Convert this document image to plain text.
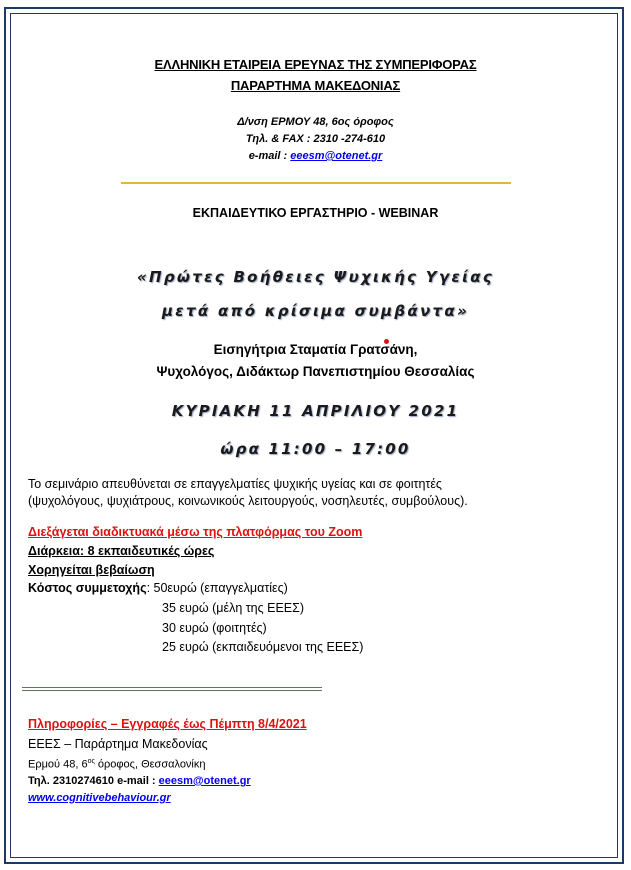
ΕΛΛΗΝΙΚΗ ΕΤΑΙΡΕΙΑ ΕΡΕΥΝΑΣ ΤΗΣ ΣΥΜΠΕΡΙΦΟΡΑΣ
ΠΑΡΑΡΤΗΜΑ ΜΑΚΕΔΟΝΙΑΣ
Δ/νση ΕΡΜΟΥ 48, 6ος όροφος
Τηλ. & FAX : 2310 -274-610
e-mail : eeesm@otenet.gr
ΕΚΠΑΙΔΕΥΤΙΚΟ ΕΡΓΑΣΤΗΡΙΟ - WEBINAR
«Πρώτες Βοήθειες Ψυχικής Υγείας
μετά από κρίσιμα συμβάντα»
Εισηγήτρια Σταματία Γρατσάνη,
Ψυχολόγος, Διδάκτωρ Πανεπιστημίου Θεσσαλίας
ΚΥΡΙΑΚΗ 11 ΑΠΡΙΛΙΟΥ 2021
ώρα 11:00 – 17:00
Το σεμινάριο απευθύνεται σε επαγγελματίες ψυχικής υγείας και σε φοιτητές
(ψυχολόγους, ψυχιάτρους, κοινωνικούς λειτουργούς, νοσηλευτές, συμβούλους).
Διεξάγεται διαδικτυακά μέσω της πλατφόρμας του Zoom
Διάρκεια: 8 εκπαιδευτικές ώρες
Χορηγείται βεβαίωση
Κόστος συμμετοχής: 50ευρώ (επαγγελματίες)
35 ευρώ (μέλη της ΕΕΕΣ)
30 ευρώ (φοιτητές)
25 ευρώ (εκπαιδευόμενοι της ΕΕΕΣ)
Πληροφορίες – Εγγραφές έως Πέμπτη 8/4/2021
ΕΕΕΣ – Παράρτημα Μακεδονίας
Ερμού 48, $6^{o\varsigma}$ όροφος, Θεσσαλονίκη
Τηλ. 2310274610 e-mail : eeesm@otenet.gr
www.cognitivebehaviour.gr
